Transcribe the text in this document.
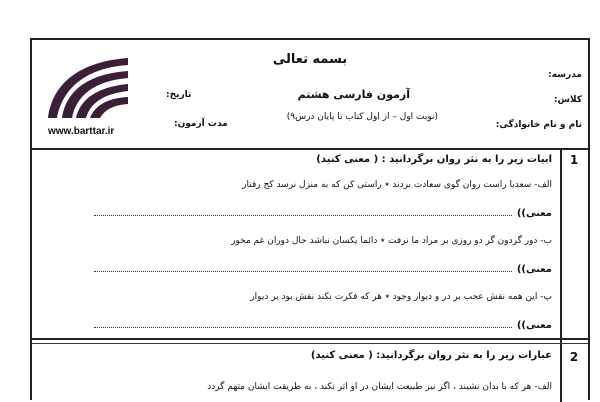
بسمه تعالی
مدرسه:
کلاس:
نام و نام خانوادگی:
آزمون فارسی هشتم
(نوبت اول – از اول کتاب تا پایان درس۹)
تاریخ:
مدت آزمون:
www.barttar.ir
1
ابیات زیر را به نثر روان برگردانید : ( معنی کنید)
الف- سعدیا راست روان گوی سعادت بردند ٭ راستی کن که به منزل نرسد کج رفتار
معنی))
ب- دور گردون گر دو روزی بر مراد ما نرفت ٭ دائما یکسان نباشد حال دوران غم مخور
معنی))
پ- این همه نقش عجب بر در و دیوار وجود ٭ هر که فکرت نکند نقش بود بر دیوار
معنی))
2
عبارات زیر را به نثر روان برگردانید: ( معنی کنید)
الف- هر که با بدان نشیند ، اگر نیز طبیعت ایشان در او اثر نکند ، به طریقت ایشان متهم گردد
